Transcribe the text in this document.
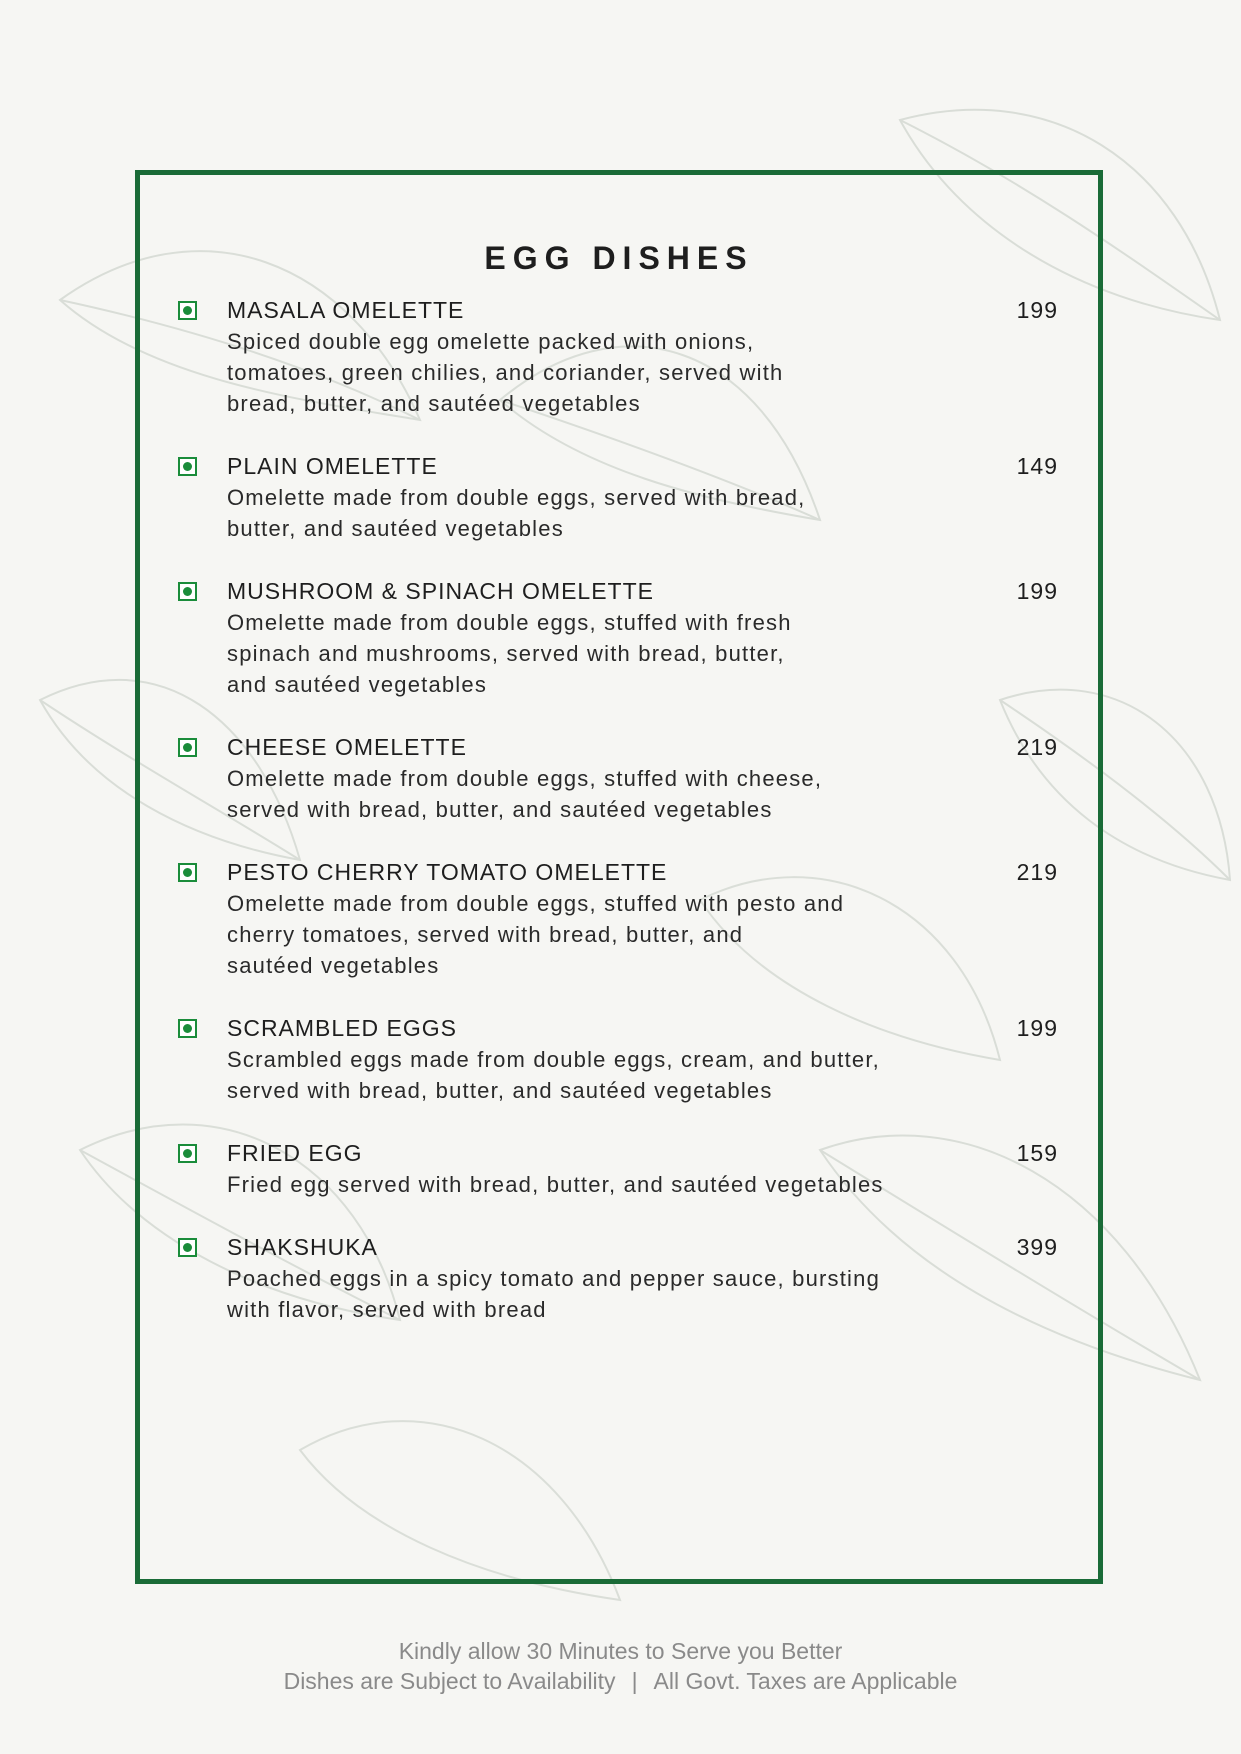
EGG DISHES
MASALA OMELETTE	199
Spiced double egg omelette packed with onions,
tomatoes, green chilies, and coriander, served with
bread, butter, and sautéed vegetables
PLAIN OMELETTE	149
Omelette made from double eggs, served with bread,
butter, and sautéed vegetables
MUSHROOM & SPINACH OMELETTE	199
Omelette made from double eggs, stuffed with fresh
spinach and mushrooms, served with bread, butter,
and sautéed vegetables
CHEESE OMELETTE	219
Omelette made from double eggs, stuffed with cheese,
served with bread, butter, and sautéed vegetables
PESTO CHERRY TOMATO OMELETTE	219
Omelette made from double eggs, stuffed with pesto and
cherry tomatoes, served with bread, butter, and
sautéed vegetables
SCRAMBLED EGGS	199
Scrambled eggs made from double eggs, cream, and butter,
served with bread, butter, and sautéed vegetables
FRIED EGG	159
Fried egg served with bread, butter, and sautéed vegetables
SHAKSHUKA	399
Poached eggs in a spicy tomato and pepper sauce, bursting
with flavor, served with bread
Kindly allow 30 Minutes to Serve you Better
Dishes are Subject to Availability | All Govt. Taxes are Applicable
